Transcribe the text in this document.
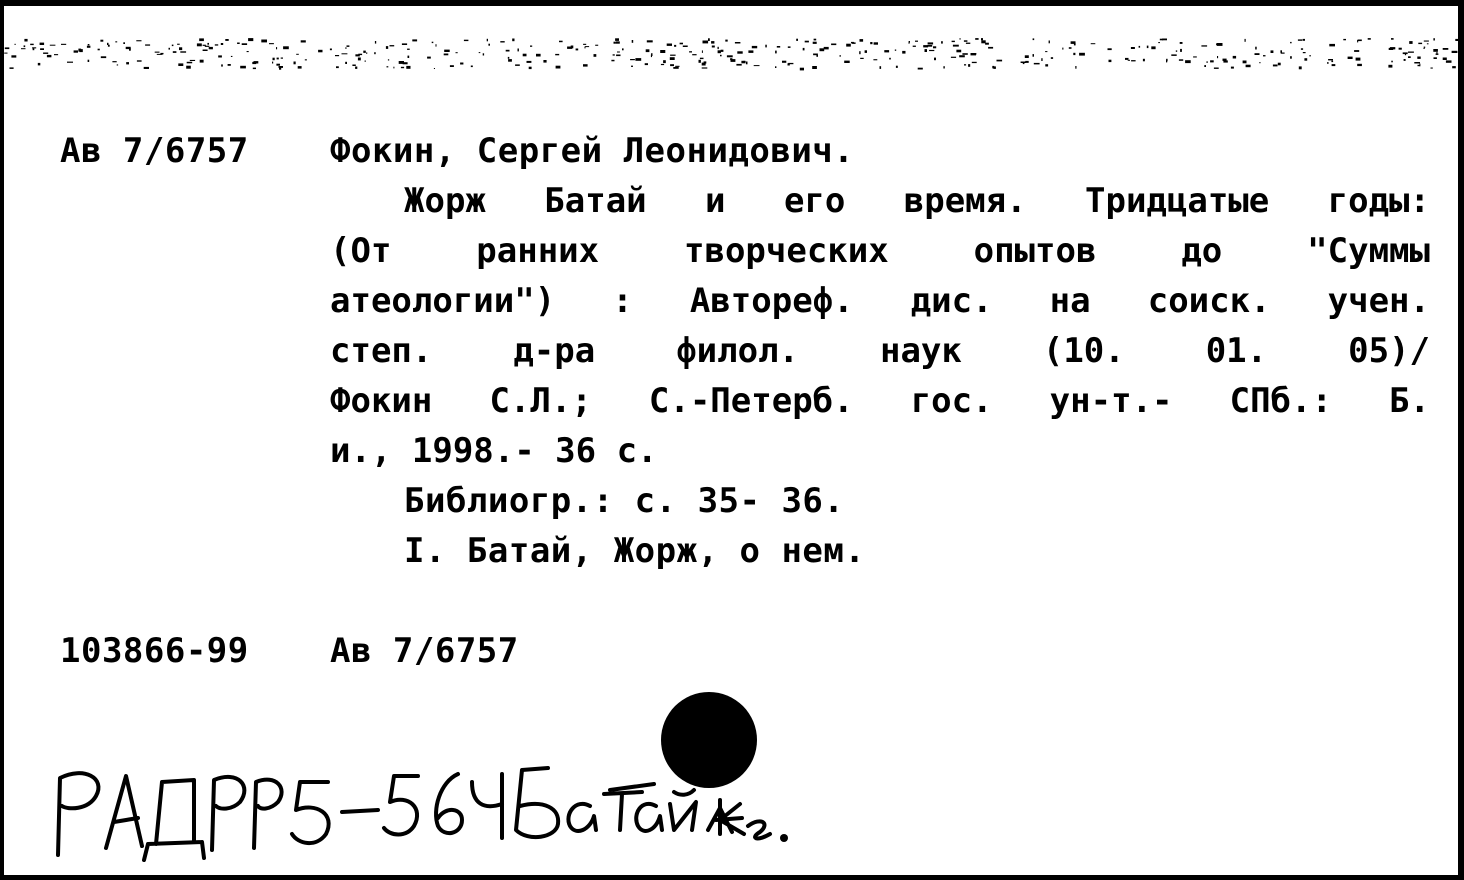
Ав 7/6757 Фокин, Сергей Леонидович.
Жорж Батай и его время. Тридцатые годы:
(От ранних творческих опытов до "Суммы
атеологии") : Автореф. дис. на соиск. учен.
степ. д-ра филол. наук (10. 01. 05)/
Фокин С.Л.; С.-Петерб. гос. ун-т.- СПб.: Б.
и., 1998.- 36 с.
Библиогр.: с. 35- 36.
I. Батай, Жорж, о нем.
103866-99 Ав 7/6757
